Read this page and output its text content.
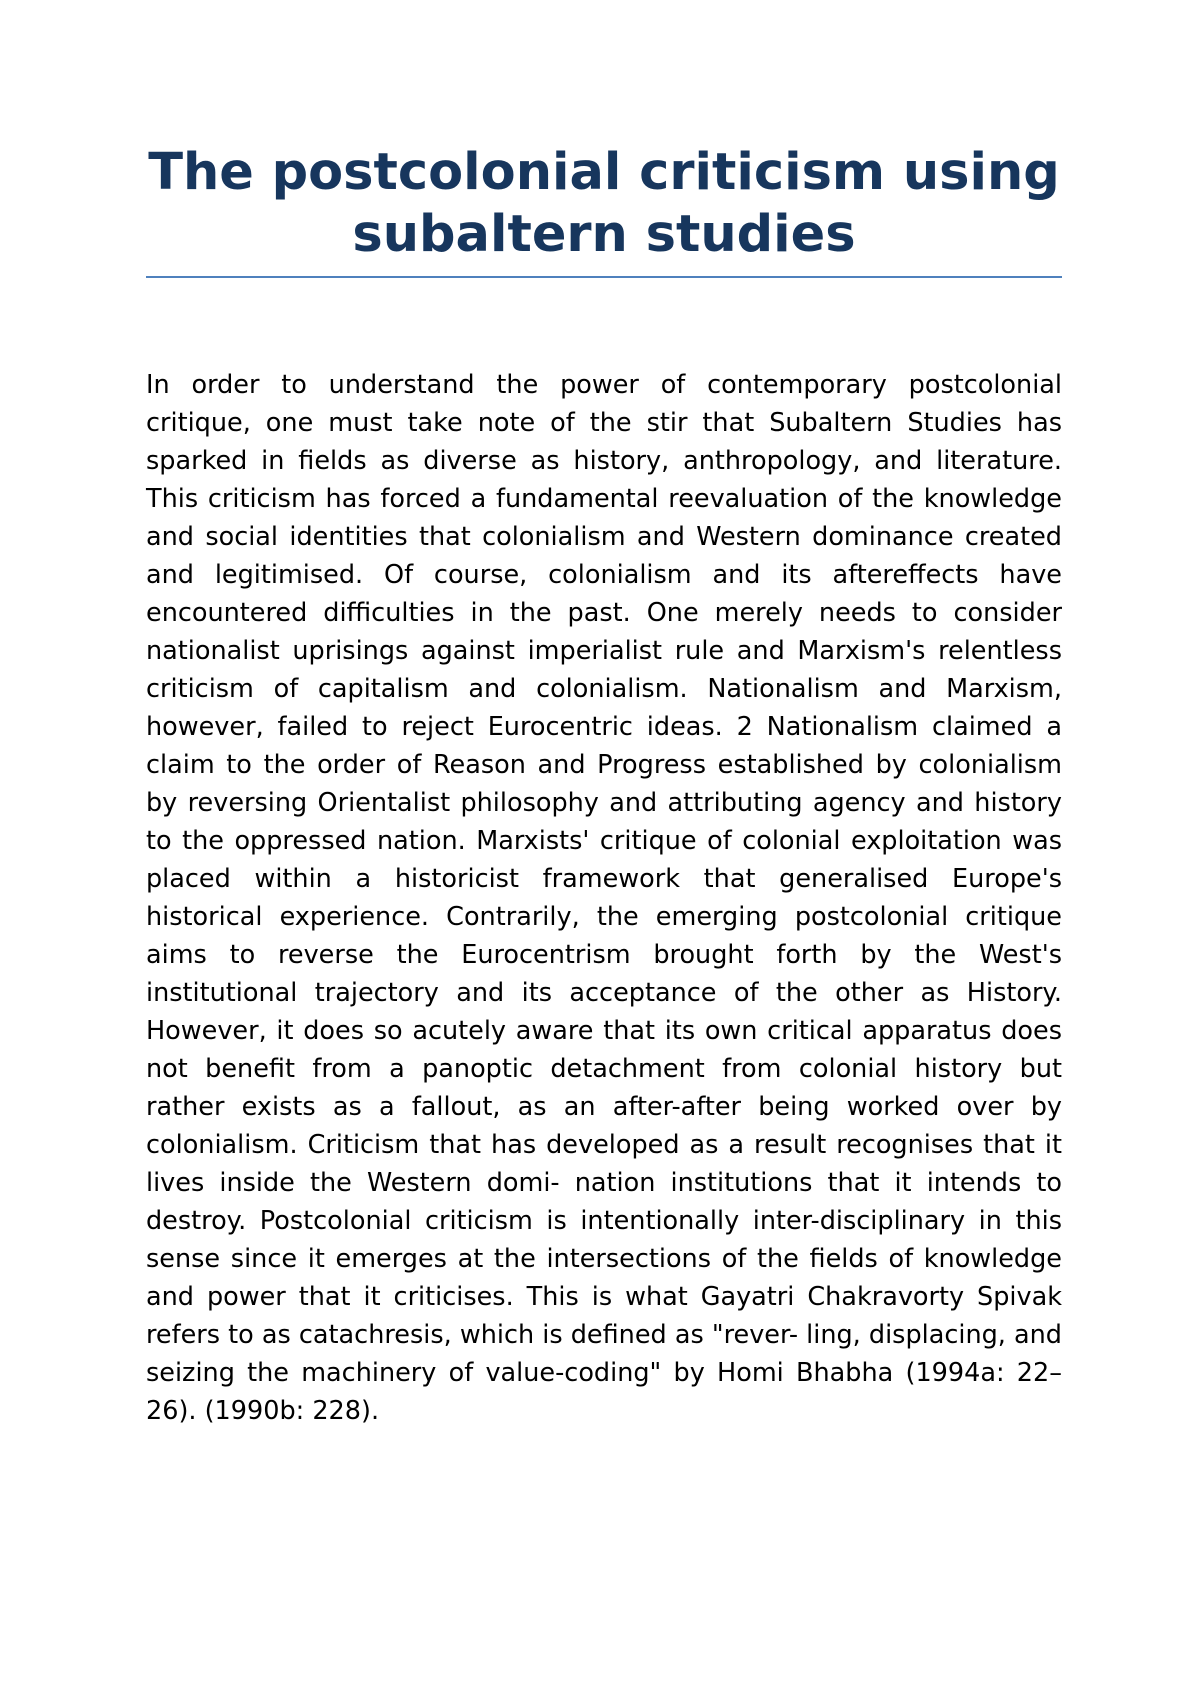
The postcolonial criticism using subaltern studies

In order to understand the power of contemporary postcolonial critique, one must take note of the stir that Subaltern Studies has sparked in fields as diverse as history, anthropology, and literature. This criticism has forced a fundamental reevaluation of the knowledge and social identities that colonialism and Western dominance created and legitimised. Of course, colonialism and its aftereffects have encountered difficulties in the past. One merely needs to consider nationalist uprisings against imperialist rule and Marxism's relentless criticism of capitalism and colonialism. Nationalism and Marxism, however, failed to reject Eurocentric ideas. 2 Nationalism claimed a claim to the order of Reason and Progress established by colonialism by reversing Orientalist philosophy and attributing agency and history to the oppressed nation. Marxists' critique of colonial exploitation was placed within a historicist framework that generalised Europe's historical experience. Contrarily, the emerging postcolonial critique aims to reverse the Eurocentrism brought forth by the West's institutional trajectory and its acceptance of the other as History. However, it does so acutely aware that its own critical apparatus does not benefit from a panoptic detachment from colonial history but rather exists as a fallout, as an after-after being worked over by colonialism. Criticism that has developed as a result recognises that it lives inside the Western domi- nation institutions that it intends to destroy. Postcolonial criticism is intentionally inter-disciplinary in this sense since it emerges at the intersections of the fields of knowledge and power that it criticises. This is what Gayatri Chakravorty Spivak refers to as catachresis, which is defined as "rever- ling, displacing, and seizing the machinery of value-coding" by Homi Bhabha (1994a: 22–26). (1990b: 228).
